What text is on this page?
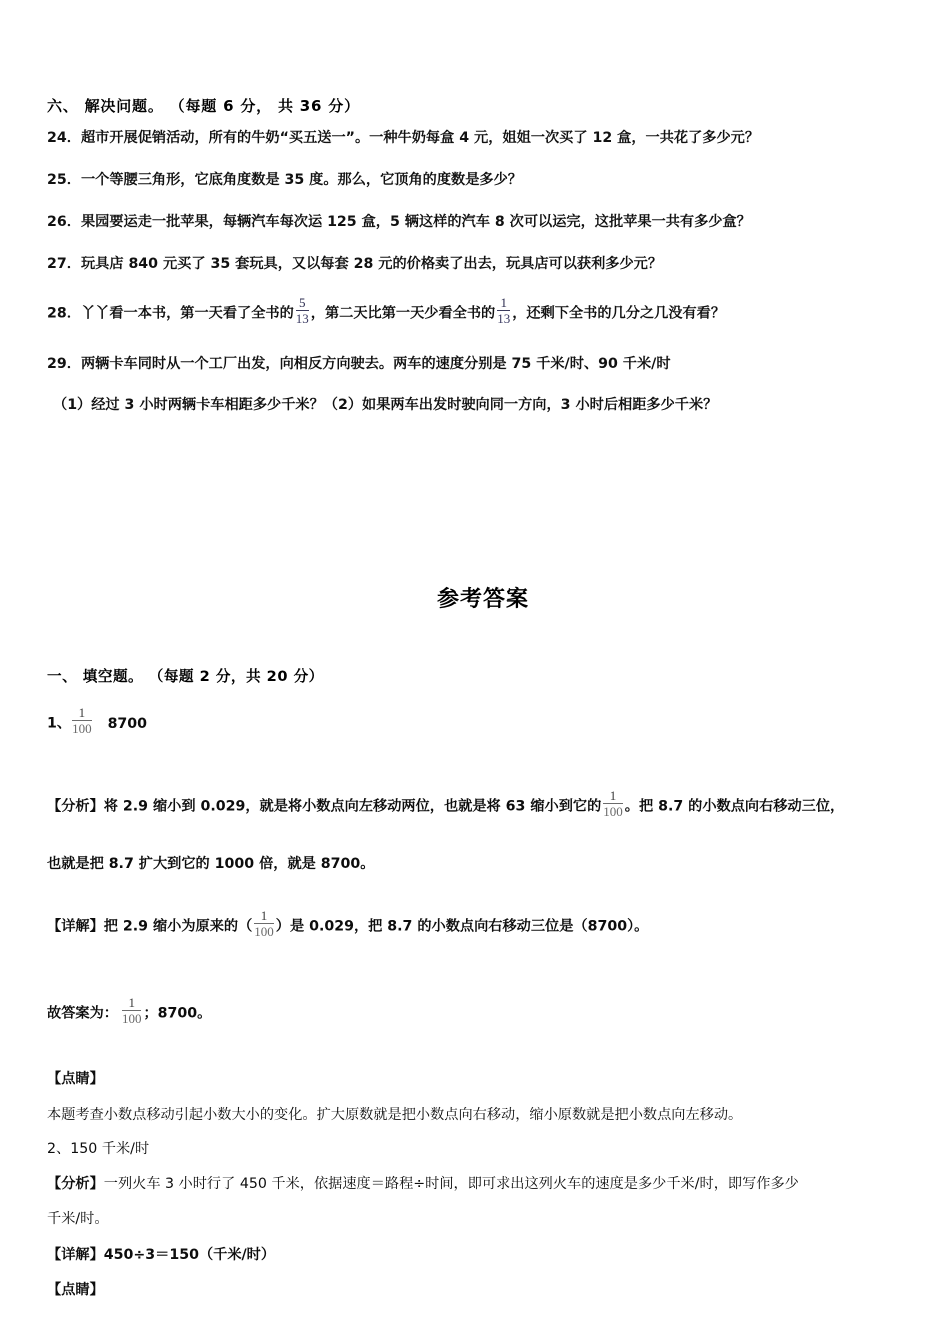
六、 解决问题。 （每题 6 分， 共 36 分）
24．超市开展促销活动，所有的牛奶“买五送一”。一种牛奶每盒 4 元，姐姐一次买了 12 盒，一共花了多少元？
25．一个等腰三角形，它底角度数是 35 度。那么，它顶角的度数是多少？
26．果园要运走一批苹果，每辆汽车每次运 125 盒，5 辆这样的汽车 8 次可以运完，这批苹果一共有多少盒？
27．玩具店 840 元买了 35 套玩具，又以每套 28 元的价格卖了出去，玩具店可以获利多少元？
28．丫丫看一本书，第一天看了全书的 $\frac{5}{13}$ ，第二天比第一天少看全书的 $\frac{1}{13}$ ，还剩下全书的几分之几没有看？
29．两辆卡车同时从一个工厂出发，向相反方向驶去。两车的速度分别是 75 千米/时、90 千米/时
（1）经过 3 小时两辆卡车相距多少千米？（2）如果两车出发时驶向同一方向，3 小时后相距多少千米？
参考答案
一、 填空题。 （每题 2 分，共 20 分）
1、 $\frac{1}{100} 8700$
【分析】将 2.9 缩小到 0.029，就是将小数点向左移动两位，也就是将 63 缩小到它的 $\frac{1}{100}$ 。把 8.7 的小数点向右移动三位，
也就是把 8.7 扩大到它的 1000 倍，就是 8700。
【详解】把 2.9 缩小为原来的（ $\frac{1}{100}$ ）是 0.029，把 8.7 的小数点向右移动三位是（8700）。
故答案为： $\frac{1}{100}$ ；8700。
【点睛】
本题考查小数点移动引起小数大小的变化。扩大原数就是把小数点向右移动，缩小原数就是把小数点向左移动。
2、150 千米/时
【分析】一列火车 3 小时行了 450 千米，依据速度＝路程÷时间，即可求出这列火车的速度是多少千米/时，即写作多少
千米/时。
【详解】450÷3＝150（千米/时）
【点睛】
